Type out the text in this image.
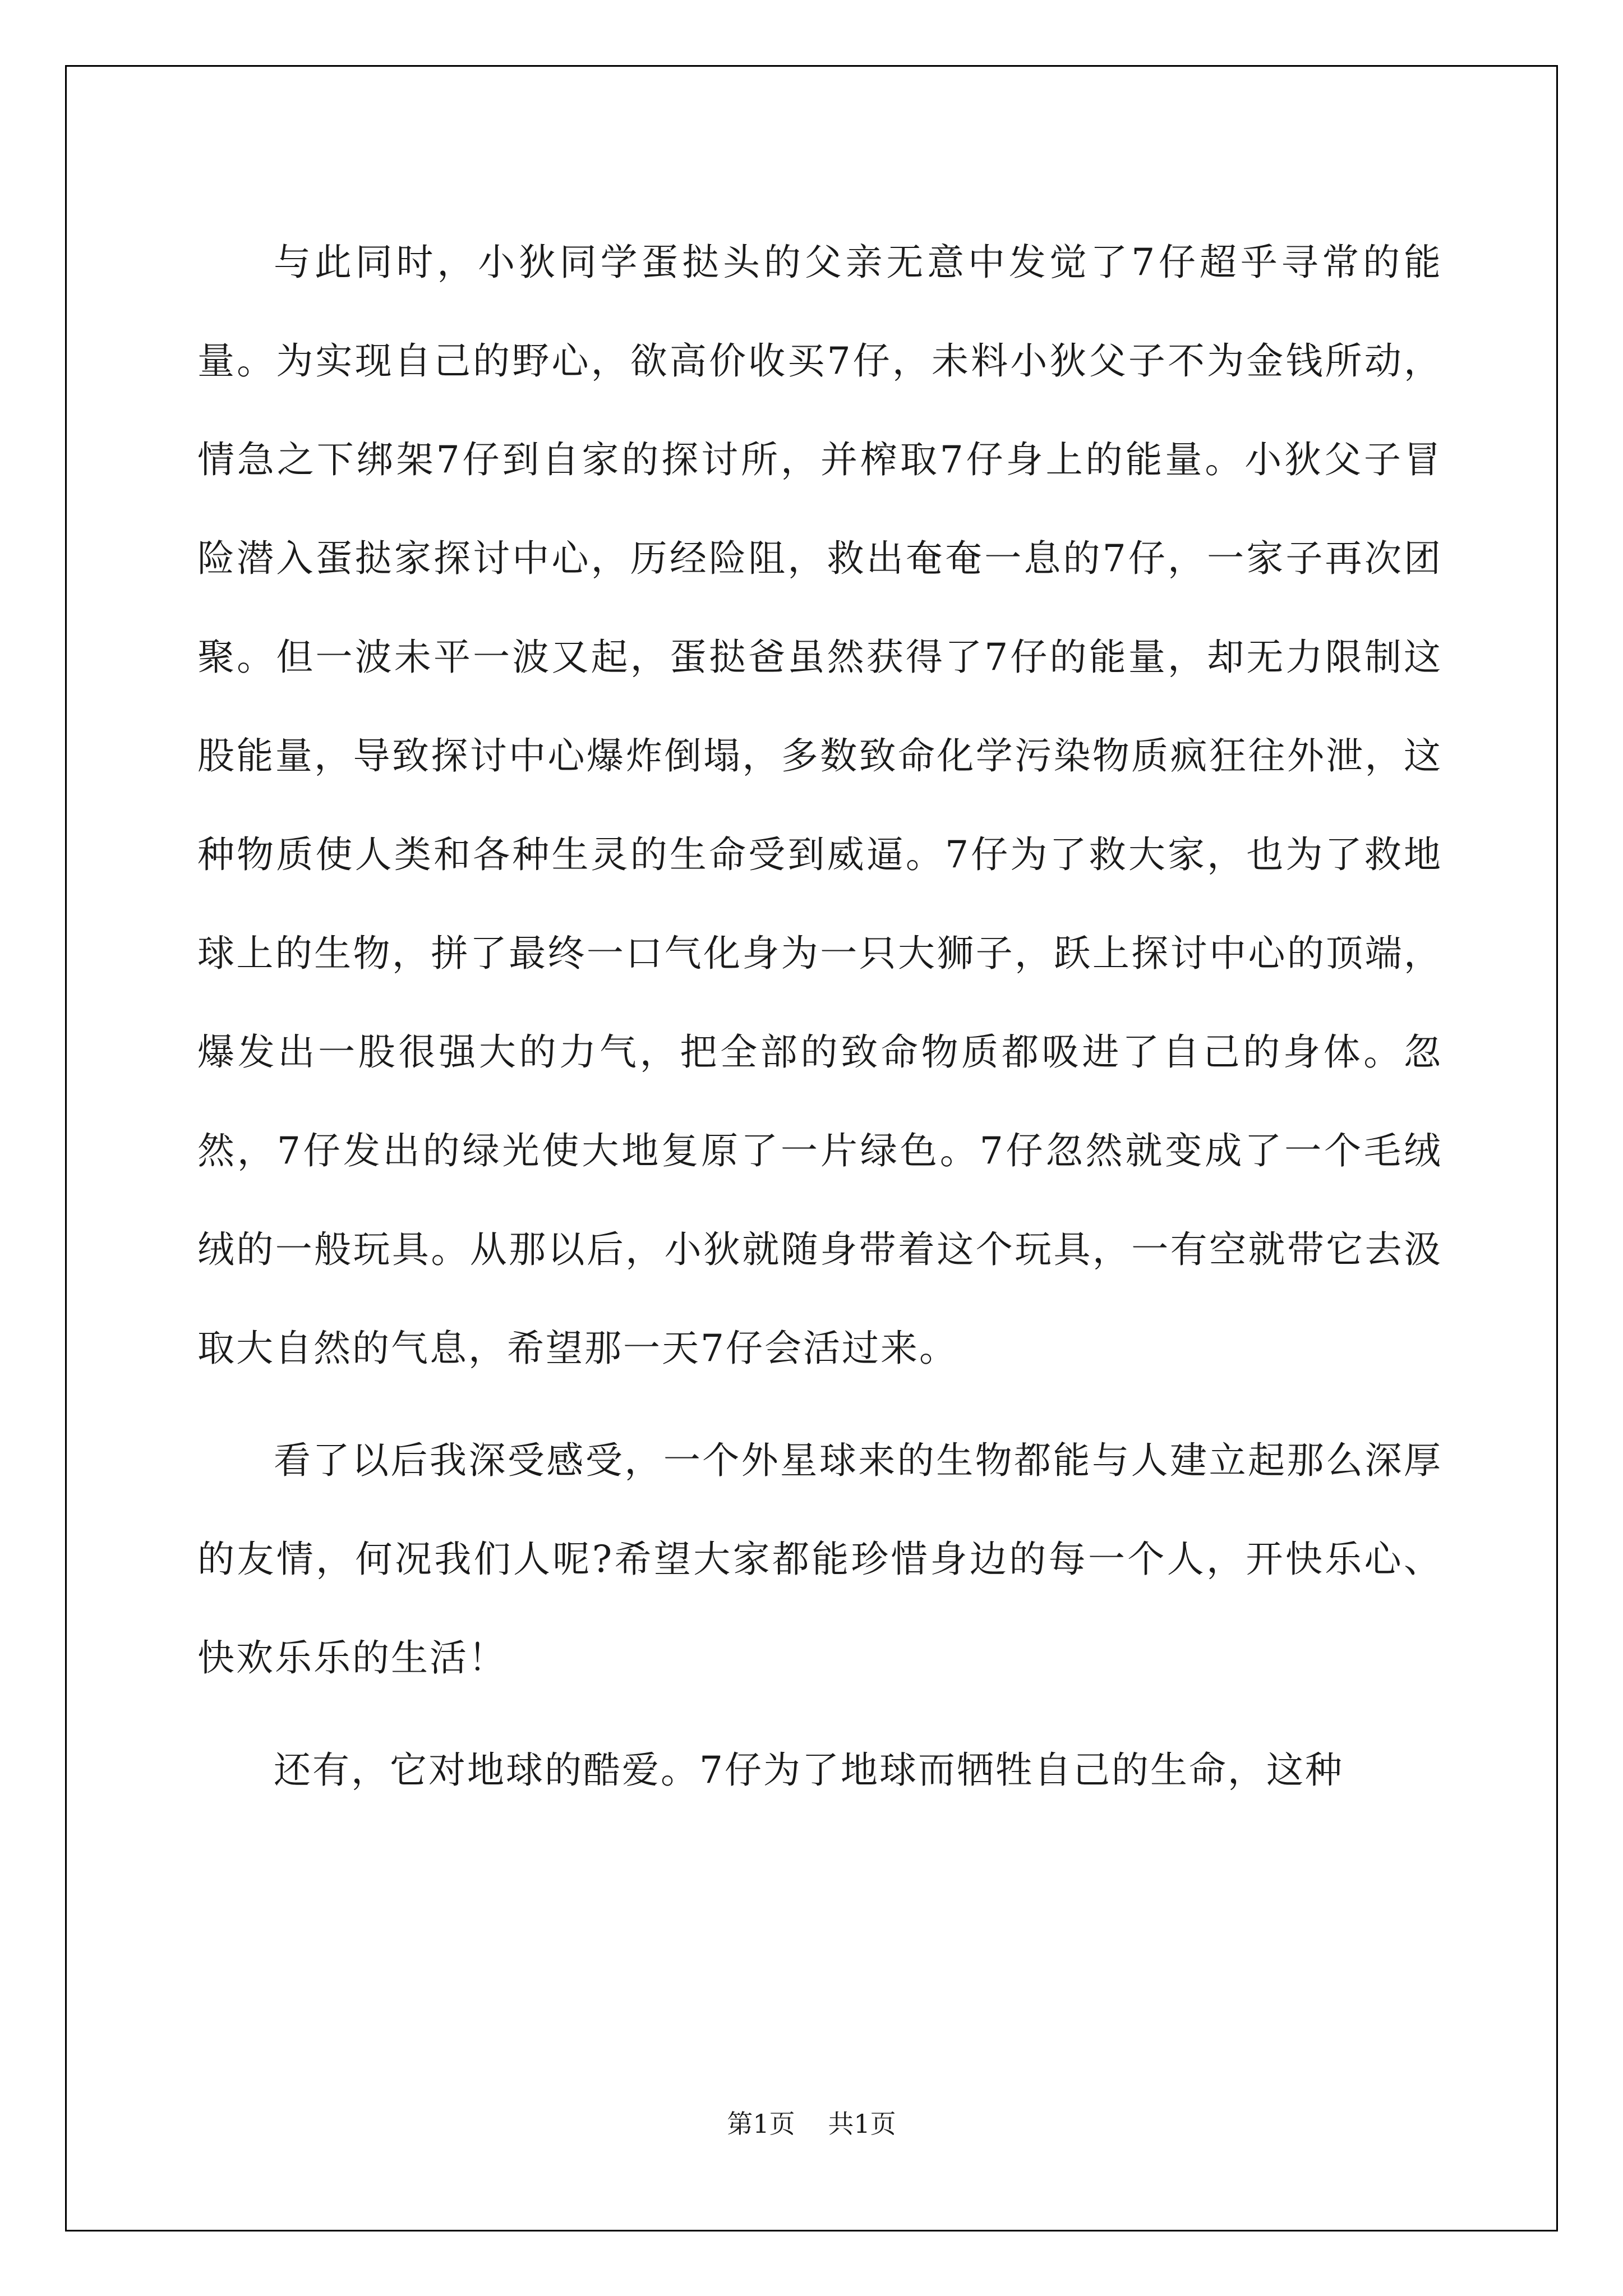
与此同时，小狄同学蛋挞头的父亲无意中发觉了7仔超乎寻常的能量。为实现自己的野心，欲高价收买7仔，未料小狄父子不为金钱所动，情急之下绑架7仔到自家的探讨所，并榨取7仔身上的能量。小狄父子冒险潜入蛋挞家探讨中心，历经险阻，救出奄奄一息的7仔，一家子再次团聚。但一波未平一波又起，蛋挞爸虽然获得了7仔的能量，却无力限制这股能量，导致探讨中心爆炸倒塌，多数致命化学污染物质疯狂往外泄，这种物质使人类和各种生灵的生命受到威逼。7仔为了救大家，也为了救地球上的生物，拼了最终一口气化身为一只大狮子，跃上探讨中心的顶端，爆发出一股很强大的力气，把全部的致命物质都吸进了自己的身体。忽然，7仔发出的绿光使大地复原了一片绿色。7仔忽然就变成了一个毛绒绒的一般玩具。从那以后，小狄就随身带着这个玩具，一有空就带它去汲取大自然的气息，希望那一天7仔会活过来。

看了以后我深受感受，一个外星球来的生物都能与人建立起那么深厚的友情，何况我们人呢?希望大家都能珍惜身边的每一个人，开快乐心、快欢乐乐的生活！

还有，它对地球的酷爱。7仔为了地球而牺牲自己的生命，这种

第1页 共1页
